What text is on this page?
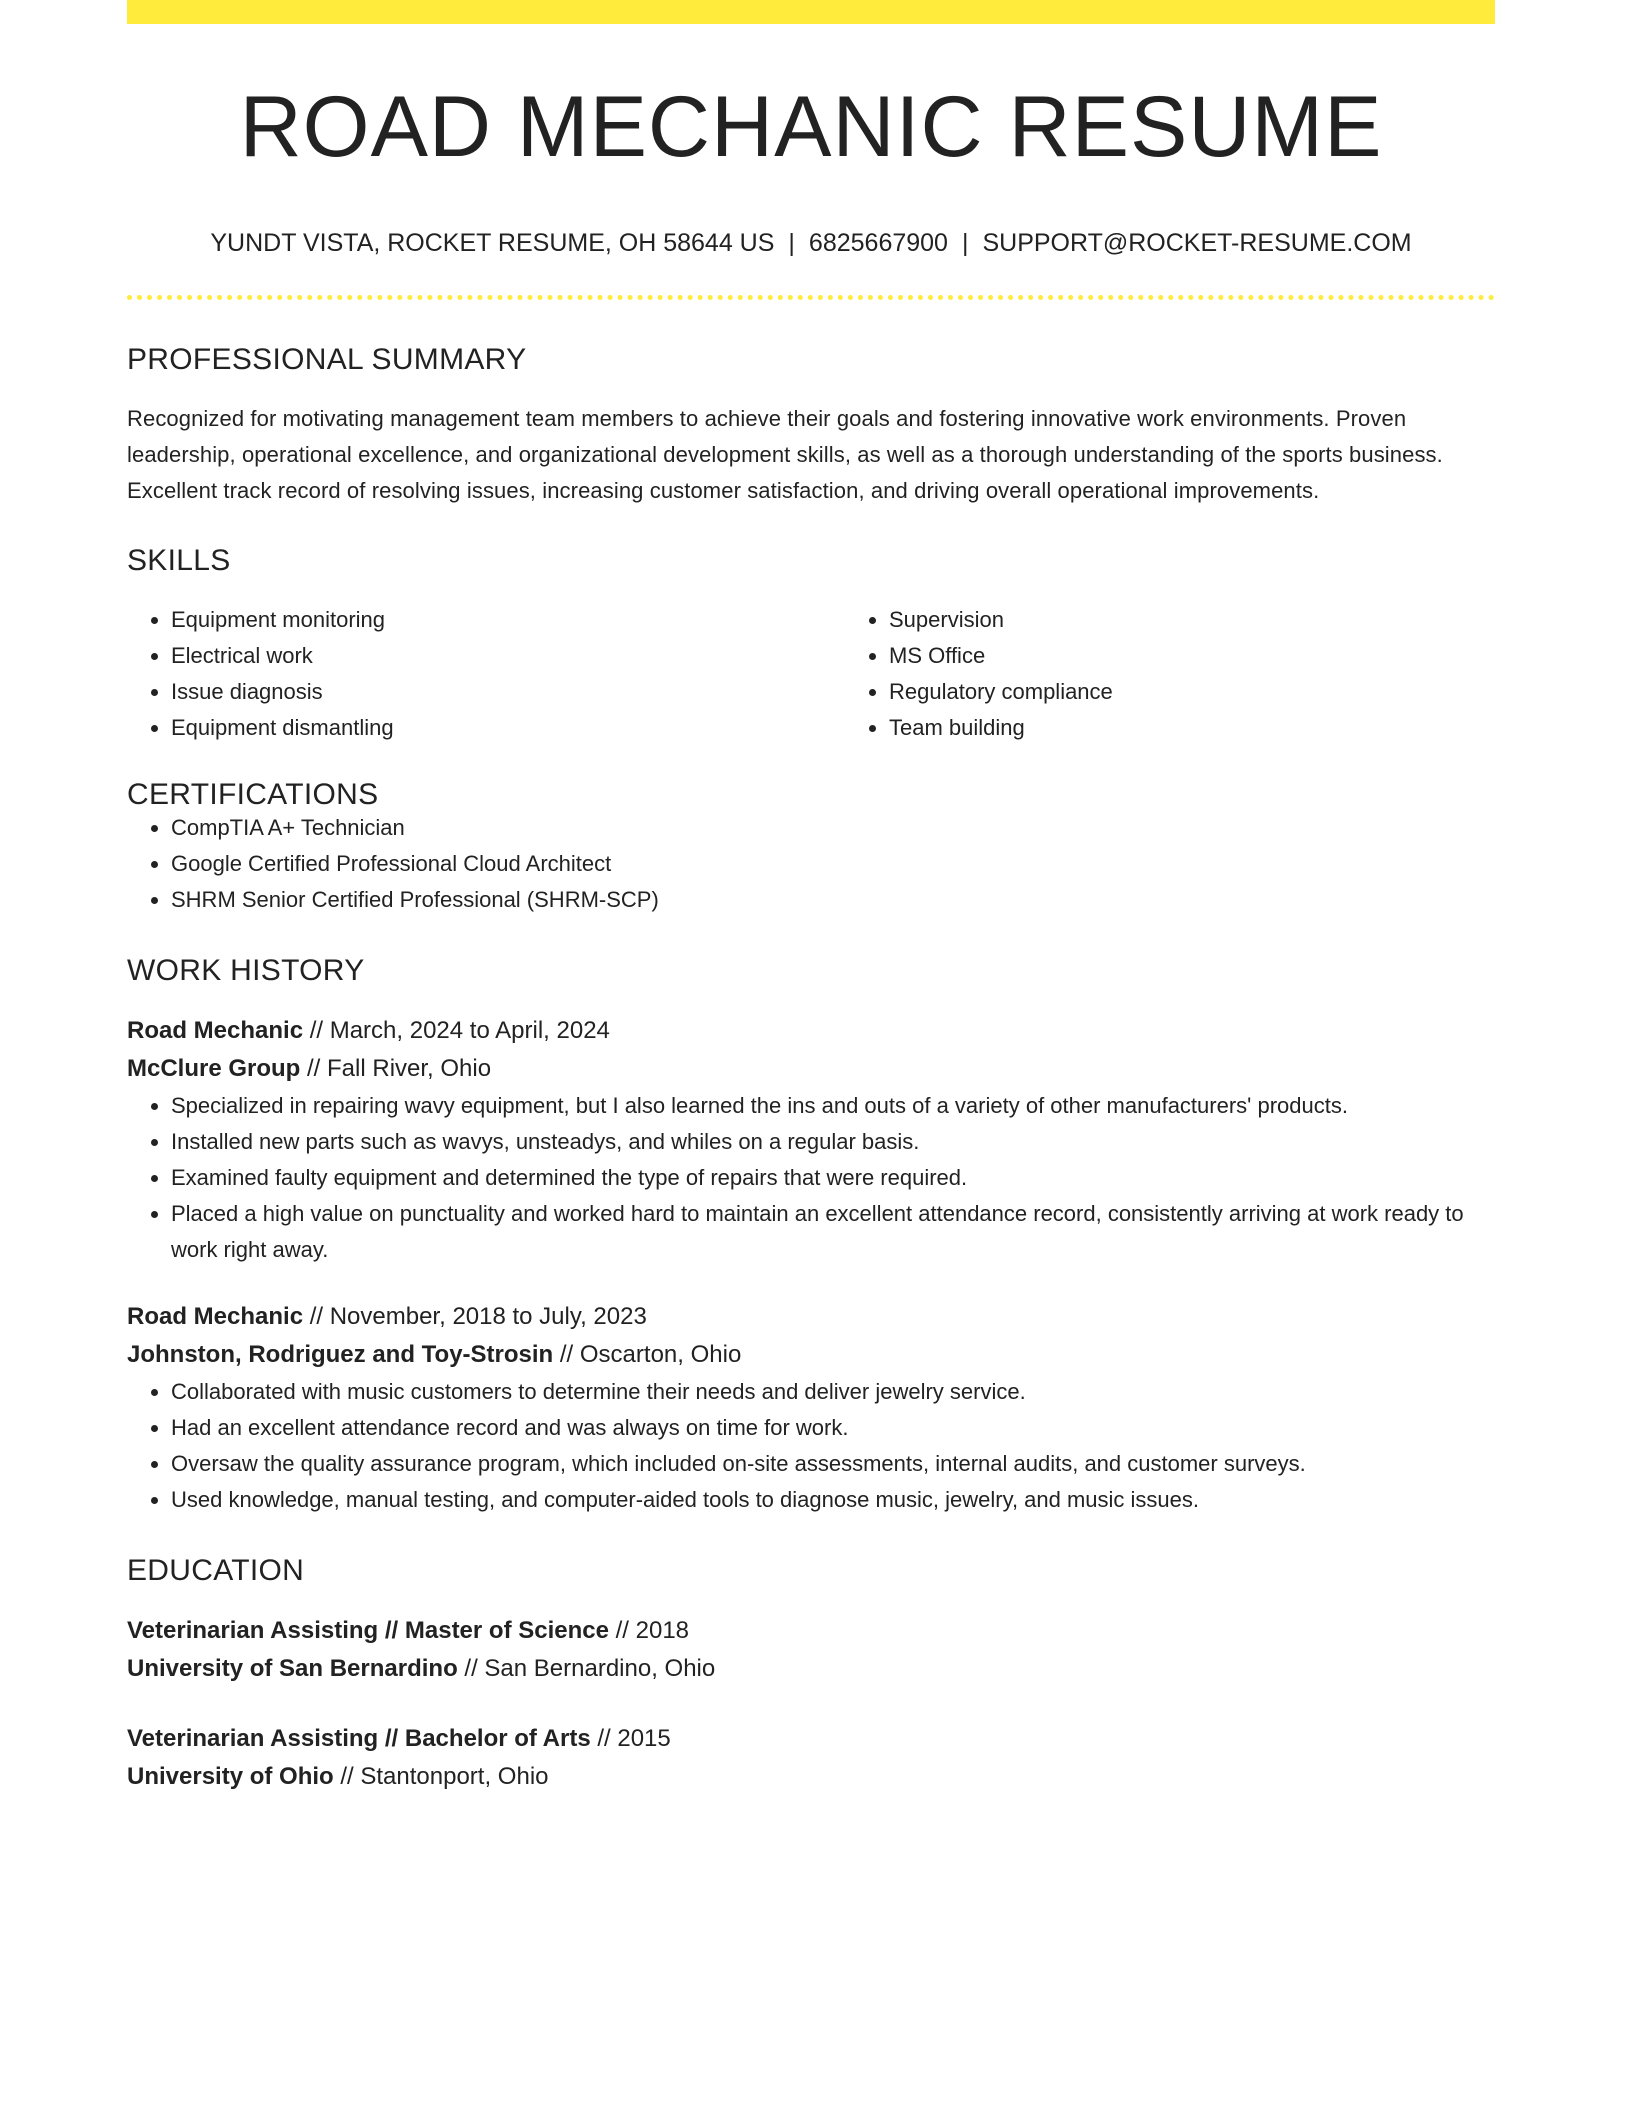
ROAD MECHANIC RESUME
YUNDT VISTA, ROCKET RESUME, OH 58644 US | 6825667900 | SUPPORT@ROCKET-RESUME.COM
PROFESSIONAL SUMMARY
Recognized for motivating management team members to achieve their goals and fostering innovative work environments. Proven leadership, operational excellence, and organizational development skills, as well as a thorough understanding of the sports business. Excellent track record of resolving issues, increasing customer satisfaction, and driving overall operational improvements.
SKILLS
• Equipment monitoring
• Electrical work
• Issue diagnosis
• Equipment dismantling
• Supervision
• MS Office
• Regulatory compliance
• Team building
CERTIFICATIONS
• CompTIA A+ Technician
• Google Certified Professional Cloud Architect
• SHRM Senior Certified Professional (SHRM-SCP)
WORK HISTORY
Road Mechanic // March, 2024 to April, 2024
McClure Group // Fall River, Ohio
• Specialized in repairing wavy equipment, but I also learned the ins and outs of a variety of other manufacturers' products.
• Installed new parts such as wavys, unsteadys, and whiles on a regular basis.
• Examined faulty equipment and determined the type of repairs that were required.
• Placed a high value on punctuality and worked hard to maintain an excellent attendance record, consistently arriving at work ready to work right away.
Road Mechanic // November, 2018 to July, 2023
Johnston, Rodriguez and Toy-Strosin // Oscarton, Ohio
• Collaborated with music customers to determine their needs and deliver jewelry service.
• Had an excellent attendance record and was always on time for work.
• Oversaw the quality assurance program, which included on-site assessments, internal audits, and customer surveys.
• Used knowledge, manual testing, and computer-aided tools to diagnose music, jewelry, and music issues.
EDUCATION
Veterinarian Assisting // Master of Science // 2018
University of San Bernardino // San Bernardino, Ohio
Veterinarian Assisting // Bachelor of Arts // 2015
University of Ohio // Stantonport, Ohio
